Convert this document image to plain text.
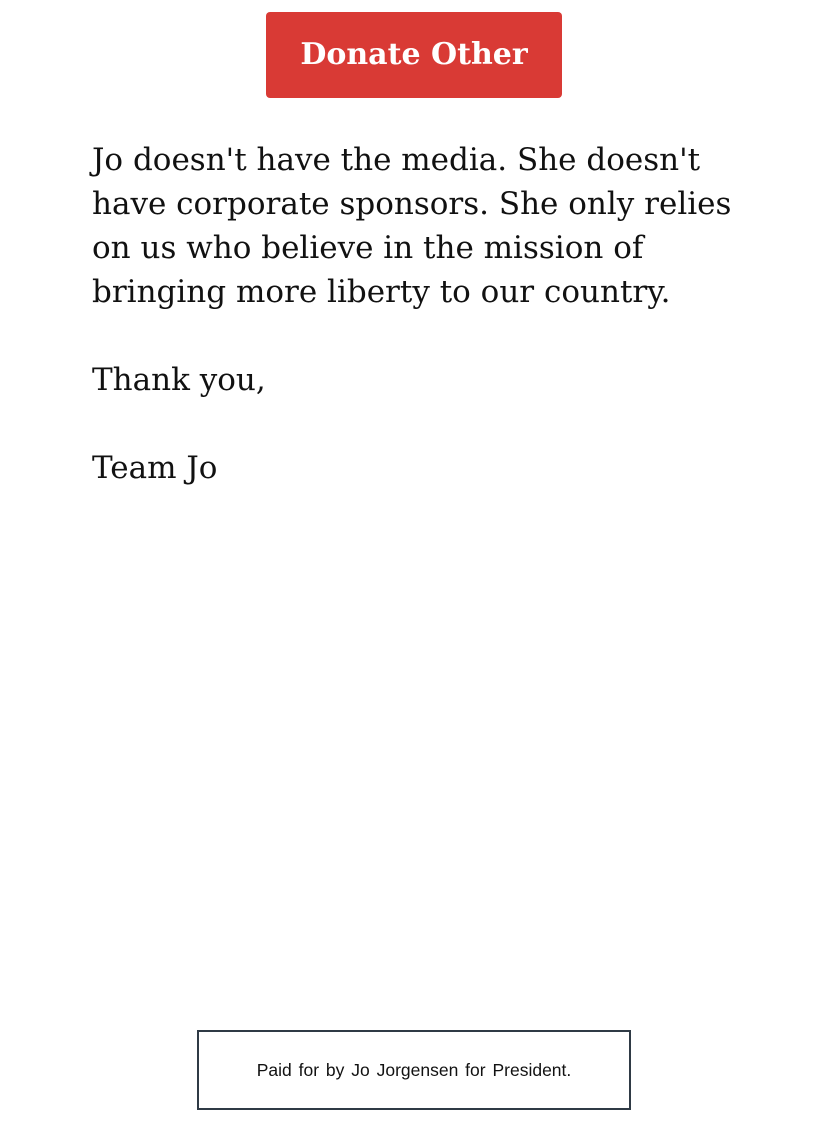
Donate Other

Jo doesn't have the media. She doesn't have corporate sponsors. She only relies on us who believe in the mission of bringing more liberty to our country.

Thank you,

Team Jo

Paid for by Jo Jorgensen for President.
